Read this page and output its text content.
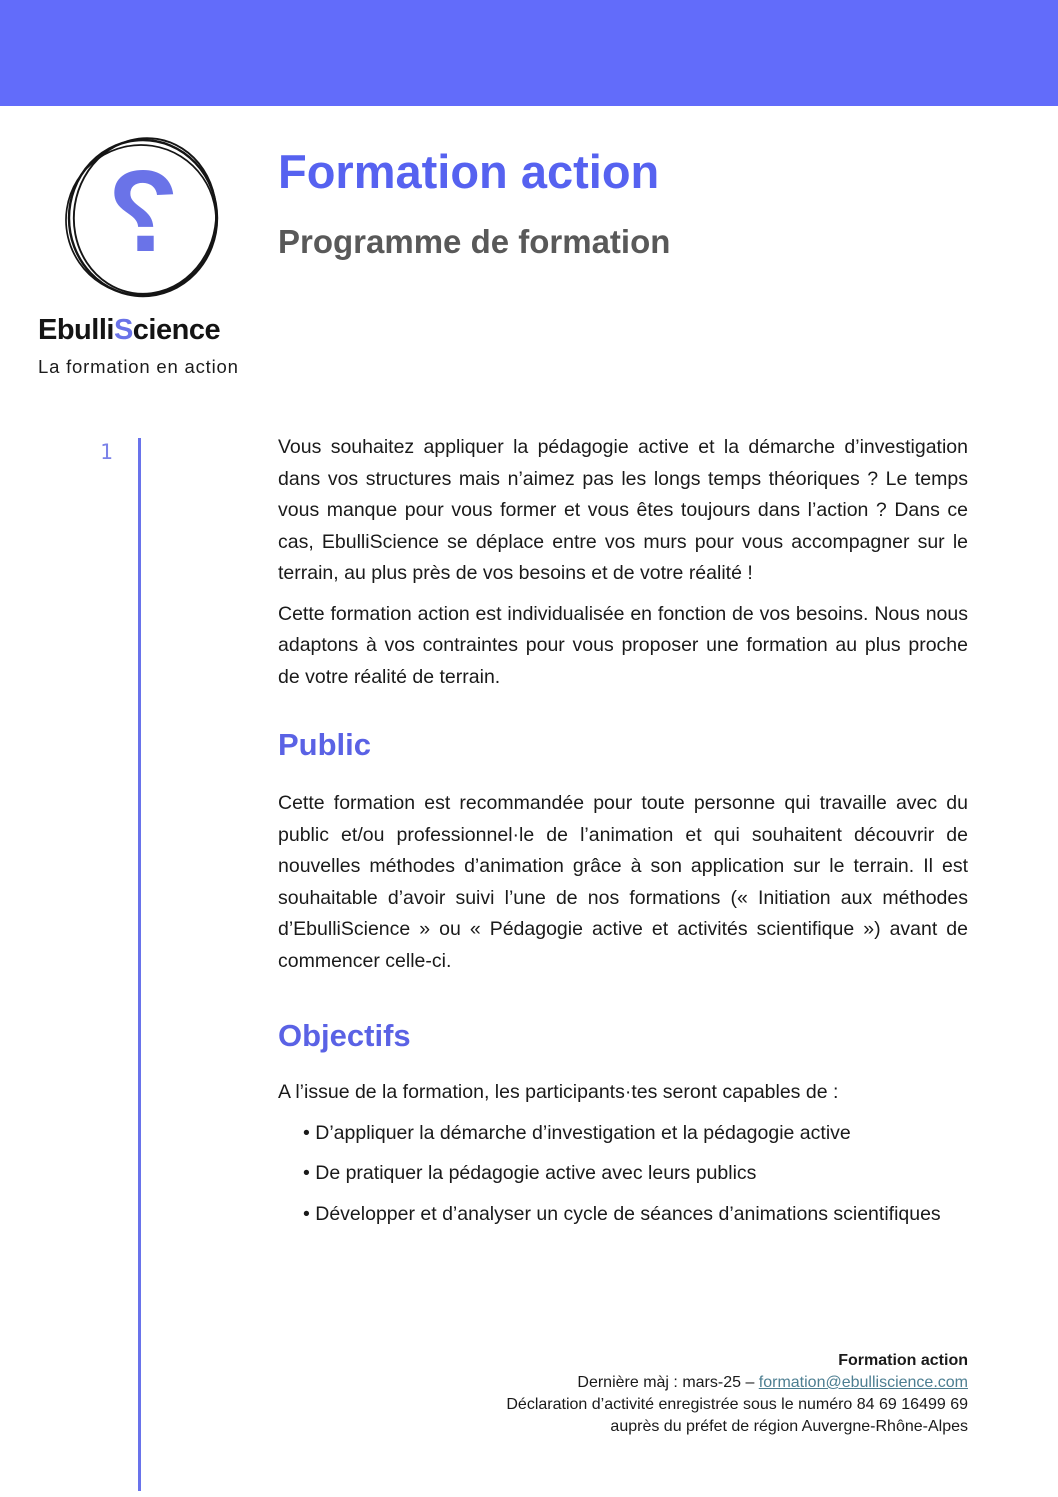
?
EbulliScience
La formation en action
Formation action
Programme de formation
1	Vous souhaitez appliquer la pédagogie active et la démarche d’investigation dans vos structures mais n’aimez pas les longs temps théoriques ? Le temps vous manque pour vous former et vous êtes toujours dans l’action ? Dans ce cas, EbulliScience se déplace entre vos murs pour vous accompagner sur le terrain, au plus près de vos besoins et de votre réalité !

Cette formation action est individualisée en fonction de vos besoins. Nous nous adaptons à vos contraintes pour vous proposer une formation au plus proche de votre réalité de terrain.

Public

Cette formation est recommandée pour toute personne qui travaille avec du public et/ou professionnel·le de l’animation et qui souhaitent découvrir de nouvelles méthodes d’animation grâce à son application sur le terrain. Il est souhaitable d’avoir suivi l’une de nos formations (« Initiation aux méthodes d’EbulliScience » ou « Pédagogie active et activités scientifique ») avant de commencer celle-ci.

Objectifs

A l’issue de la formation, les participants·tes seront capables de :

• D’appliquer la démarche d’investigation et la pédagogie active

• De pratiquer la pédagogie active avec leurs publics

• Développer et d’analyser un cycle de séances d’animations scientifiques

Formation action
Dernière màj : mars-25 – formation@ebulliscience.com
Déclaration d’activité enregistrée sous le numéro 84 69 16499 69
auprès du préfet de région Auvergne-Rhône-Alpes
